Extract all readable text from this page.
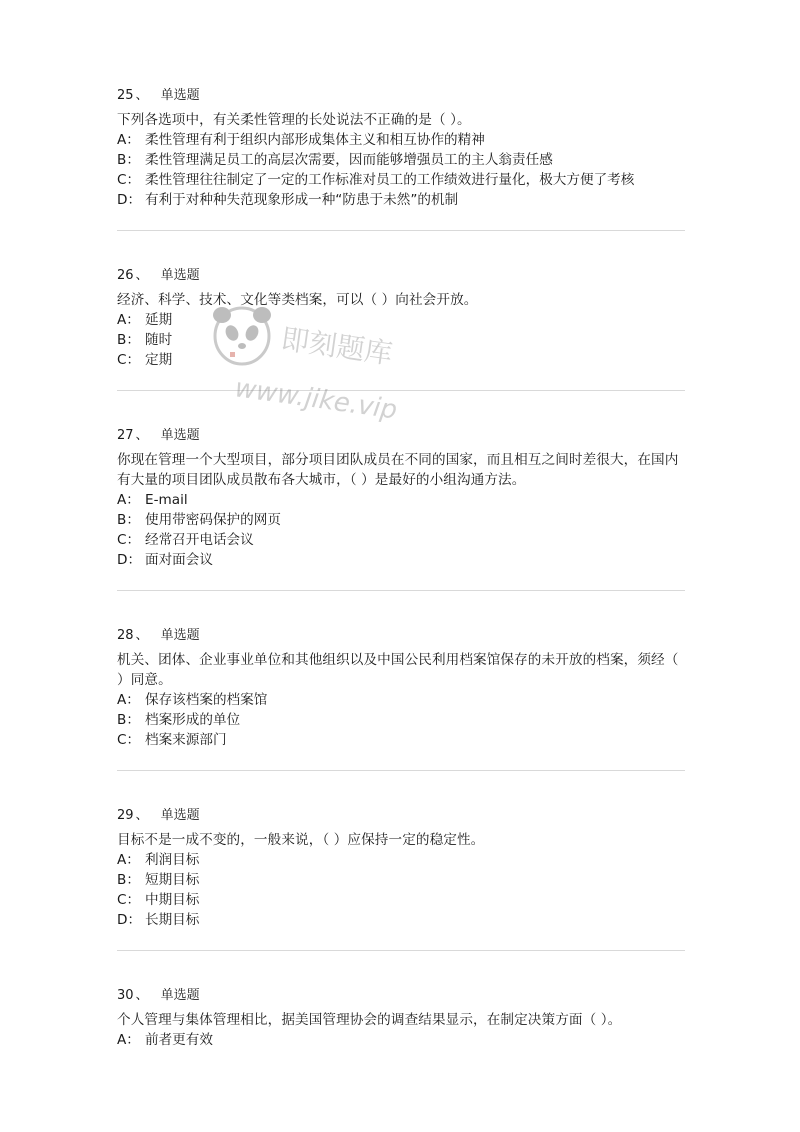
25 、 单选题
下列各选项中，有关柔性管理的长处说法不正确的是（ ）。
A： 柔性管理有利于组织内部形成集体主义和相互协作的精神
B： 柔性管理满足员工的高层次需要，因而能够增强员工的主人翁责任感
C： 柔性管理往往制定了一定的工作标准对员工的工作绩效进行量化，极大方便了考核
D： 有利于对种种失范现象形成一种“防患于未然”的机制
26 、 单选题
经济、科学、技术、文化等类档案，可以（ ）向社会开放。
A： 延期
B： 随时
C： 定期
27 、 单选题
你现在管理一个大型项目，部分项目团队成员在不同的国家，而且相互之间时差很大，在国内有大量的项目团队成员散布各大城市，（ ）是最好的小组沟通方法。
A： E-mail
B： 使用带密码保护的网页
C： 经常召开电话会议
D： 面对面会议
28 、 单选题
机关、团体、企业事业单位和其他组织以及中国公民利用档案馆保存的未开放的档案，须经（ ）同意。
A： 保存该档案的档案馆
B： 档案形成的单位
C： 档案来源部门
29 、 单选题
目标不是一成不变的，一般来说，（ ）应保持一定的稳定性。
A： 利润目标
B： 短期目标
C： 中期目标
D： 长期目标
30 、 单选题
个人管理与集体管理相比，据美国管理协会的调查结果显示，在制定决策方面（ ）。
A： 前者更有效
即刻题库
www.jike.vip
